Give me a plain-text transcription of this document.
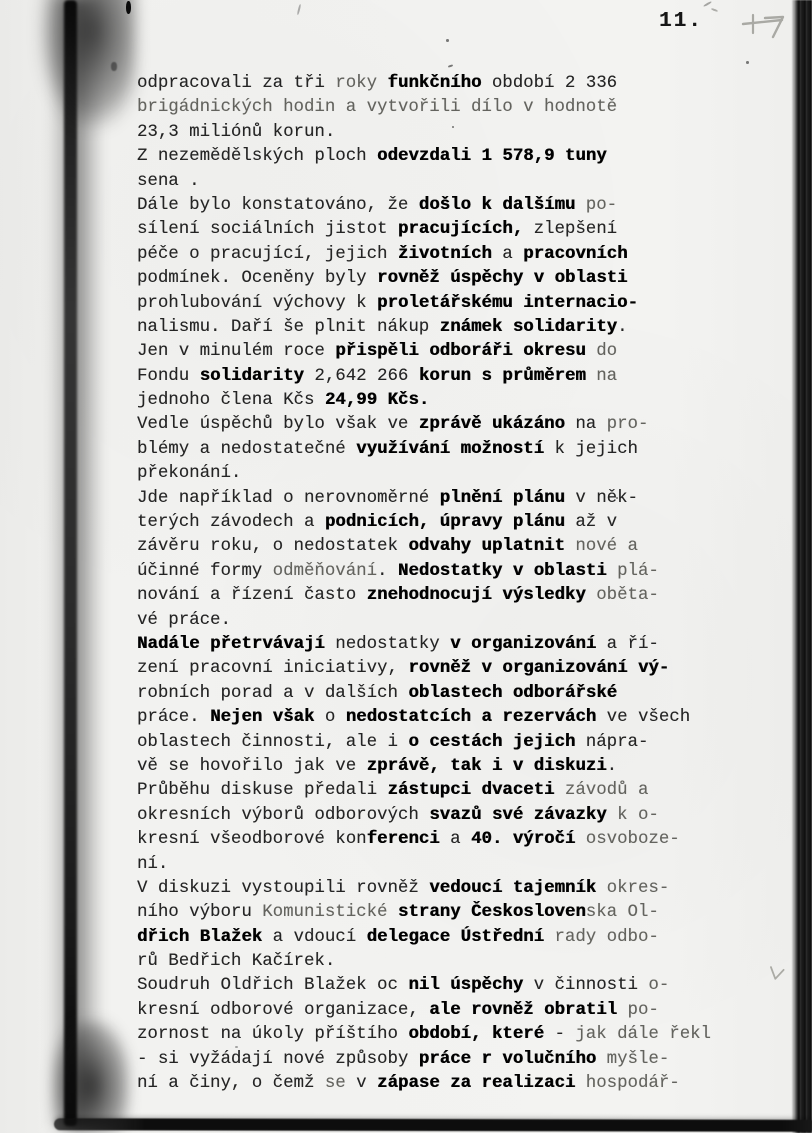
11.
odpracovali za tři roky funkčního období 2 336
brigádnických hodin a vytvořili dílo v hodnotě
23,3 miliónů korun.
Z nezemědělských ploch odevzdali 1 578,9 tuny
sena .
Dále bylo konstatováno, že došlo k dalšímu po-
sílení sociálních jistot pracujících, zlepšení
péče o pracující, jejich životních a pracovních
podmínek. Oceněny byly rovněž úspěchy v oblasti
prohlubování výchovy k proletářskému internacio-
nalismu. Daří še plnit nákup známek solidarity.
Jen v minulém roce přispěli odboráři okresu do
Fondu solidarity 2,642 266 korun s průměrem na
jednoho člena Kčs 24,99 Kčs.
Vedle úspěchů bylo však ve zprávě ukázáno na pro-
blémy a nedostatečné využívání možností k jejich
překonání.
Jde například o nerovnoměrné plnění plánu v něk-
terých závodech a podnicích, úpravy plánu až v
závěru roku, o nedostatek odvahy uplatnit nové a
účinné formy odměňování. Nedostatky v oblasti plá-
nování a řízení často znehodnocují výsledky oběta-
vé práce.
Nadále přetrvávají nedostatky v organizování a ří-
zení pracovní iniciativy, rovněž v organizování vý-
robních porad a v dalších oblastech odborářské
práce. Nejen však o nedostatcích a rezervách ve všech
oblastech činnosti, ale i o cestách jejich nápra-
vě se hovořilo jak ve zprávě, tak i v diskuzi.
Průběhu diskuse předali zástupci dvaceti závodů a
okresních výborů odborových svazů své závazky k o-
kresní všeodborové konferenci a 40. výročí osvoboze-
ní.
V diskuzi vystoupili rovněž vedoucí tajemník okres-
ního výboru Komunistické strany Československa Ol-
dřich Blažek a vdoucí delegace Ústřední rady odbo-
rů Bedřich Kačírek.
Soudruh Oldřich Blažek oc nil úspěchy v činnosti o-
kresní odborové organizace, ale rovněž obratil po-
zornost na úkoly příštího období, které - jak dále řekl
- si vyžádají nové způsoby práce r volučního myšle-
ní a činy, o čemž se v zápase za realizaci hospodář-
